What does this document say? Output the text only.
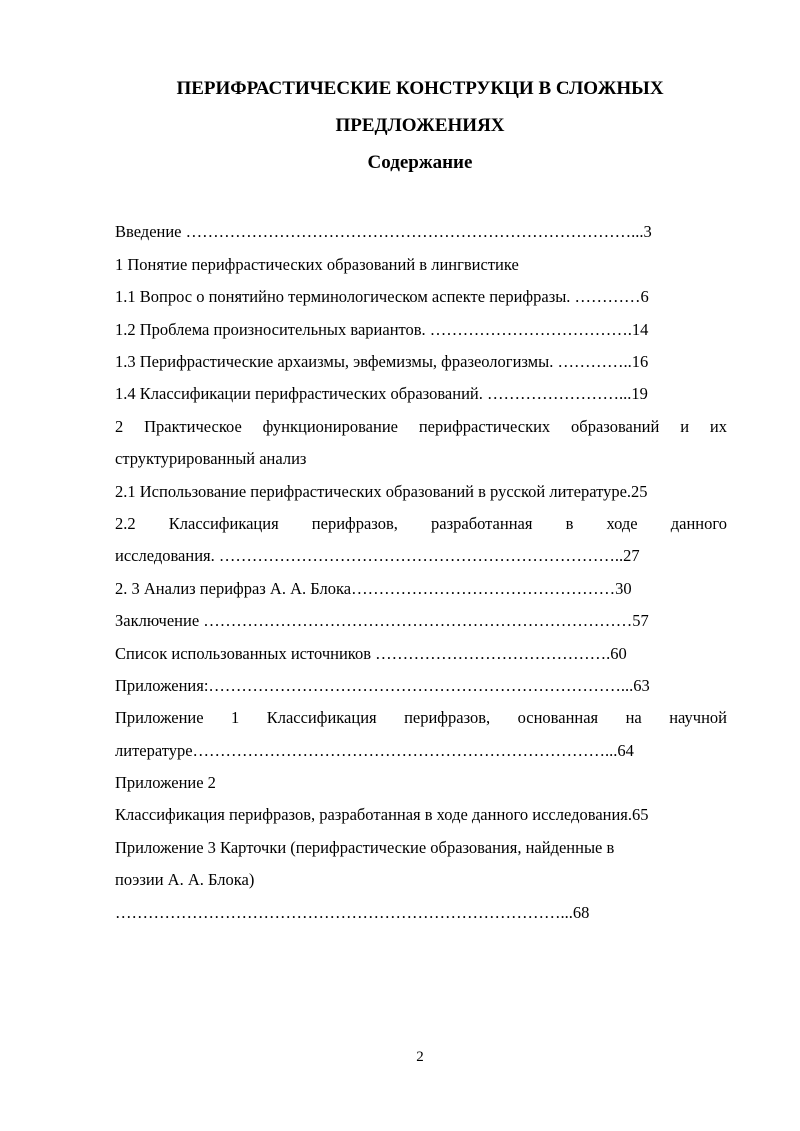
ПЕРИФРАСТИЧЕСКИЕ КОНСТРУКЦИ В СЛОЖНЫХ
ПРЕДЛОЖЕНИЯХ
Содержание
Введение ………………………………………………………………………...3
1 Понятие перифрастических образований в лингвистике
1.1 Вопрос о понятийно терминологическом аспекте перифразы. …………6
1.2 Проблема произносительных вариантов. ……………………………….14
1.3 Перифрастические архаизмы, эвфемизмы, фразеологизмы. …………..16
1.4 Классификации перифрастических образований. ……………………...19
2 Практическое функционирование перифрастических образований и их
структурированный анализ
2.1 Использование перифрастических образований в русской литературе.25
2.2 Классификация перифразов, разработанная в ходе данного
исследования. ………………………………………………………………..27
2. 3 Анализ перифраз А. А. Блока…………………………………………30
Заключение ……………………………………………………………………57
Список использованных источников …………………………………….60
Приложения:…………………………………………………………………...63
Приложение 1 Классификация перифразов, основанная на научной
литературе…………………………………………………………………...64
Приложение 2
Классификация перифразов, разработанная в ходе данного исследования.65
Приложение 3 Карточки (перифрастические образования, найденные в
поэзии А. А. Блока)
………………………………………………………………………...68
2
